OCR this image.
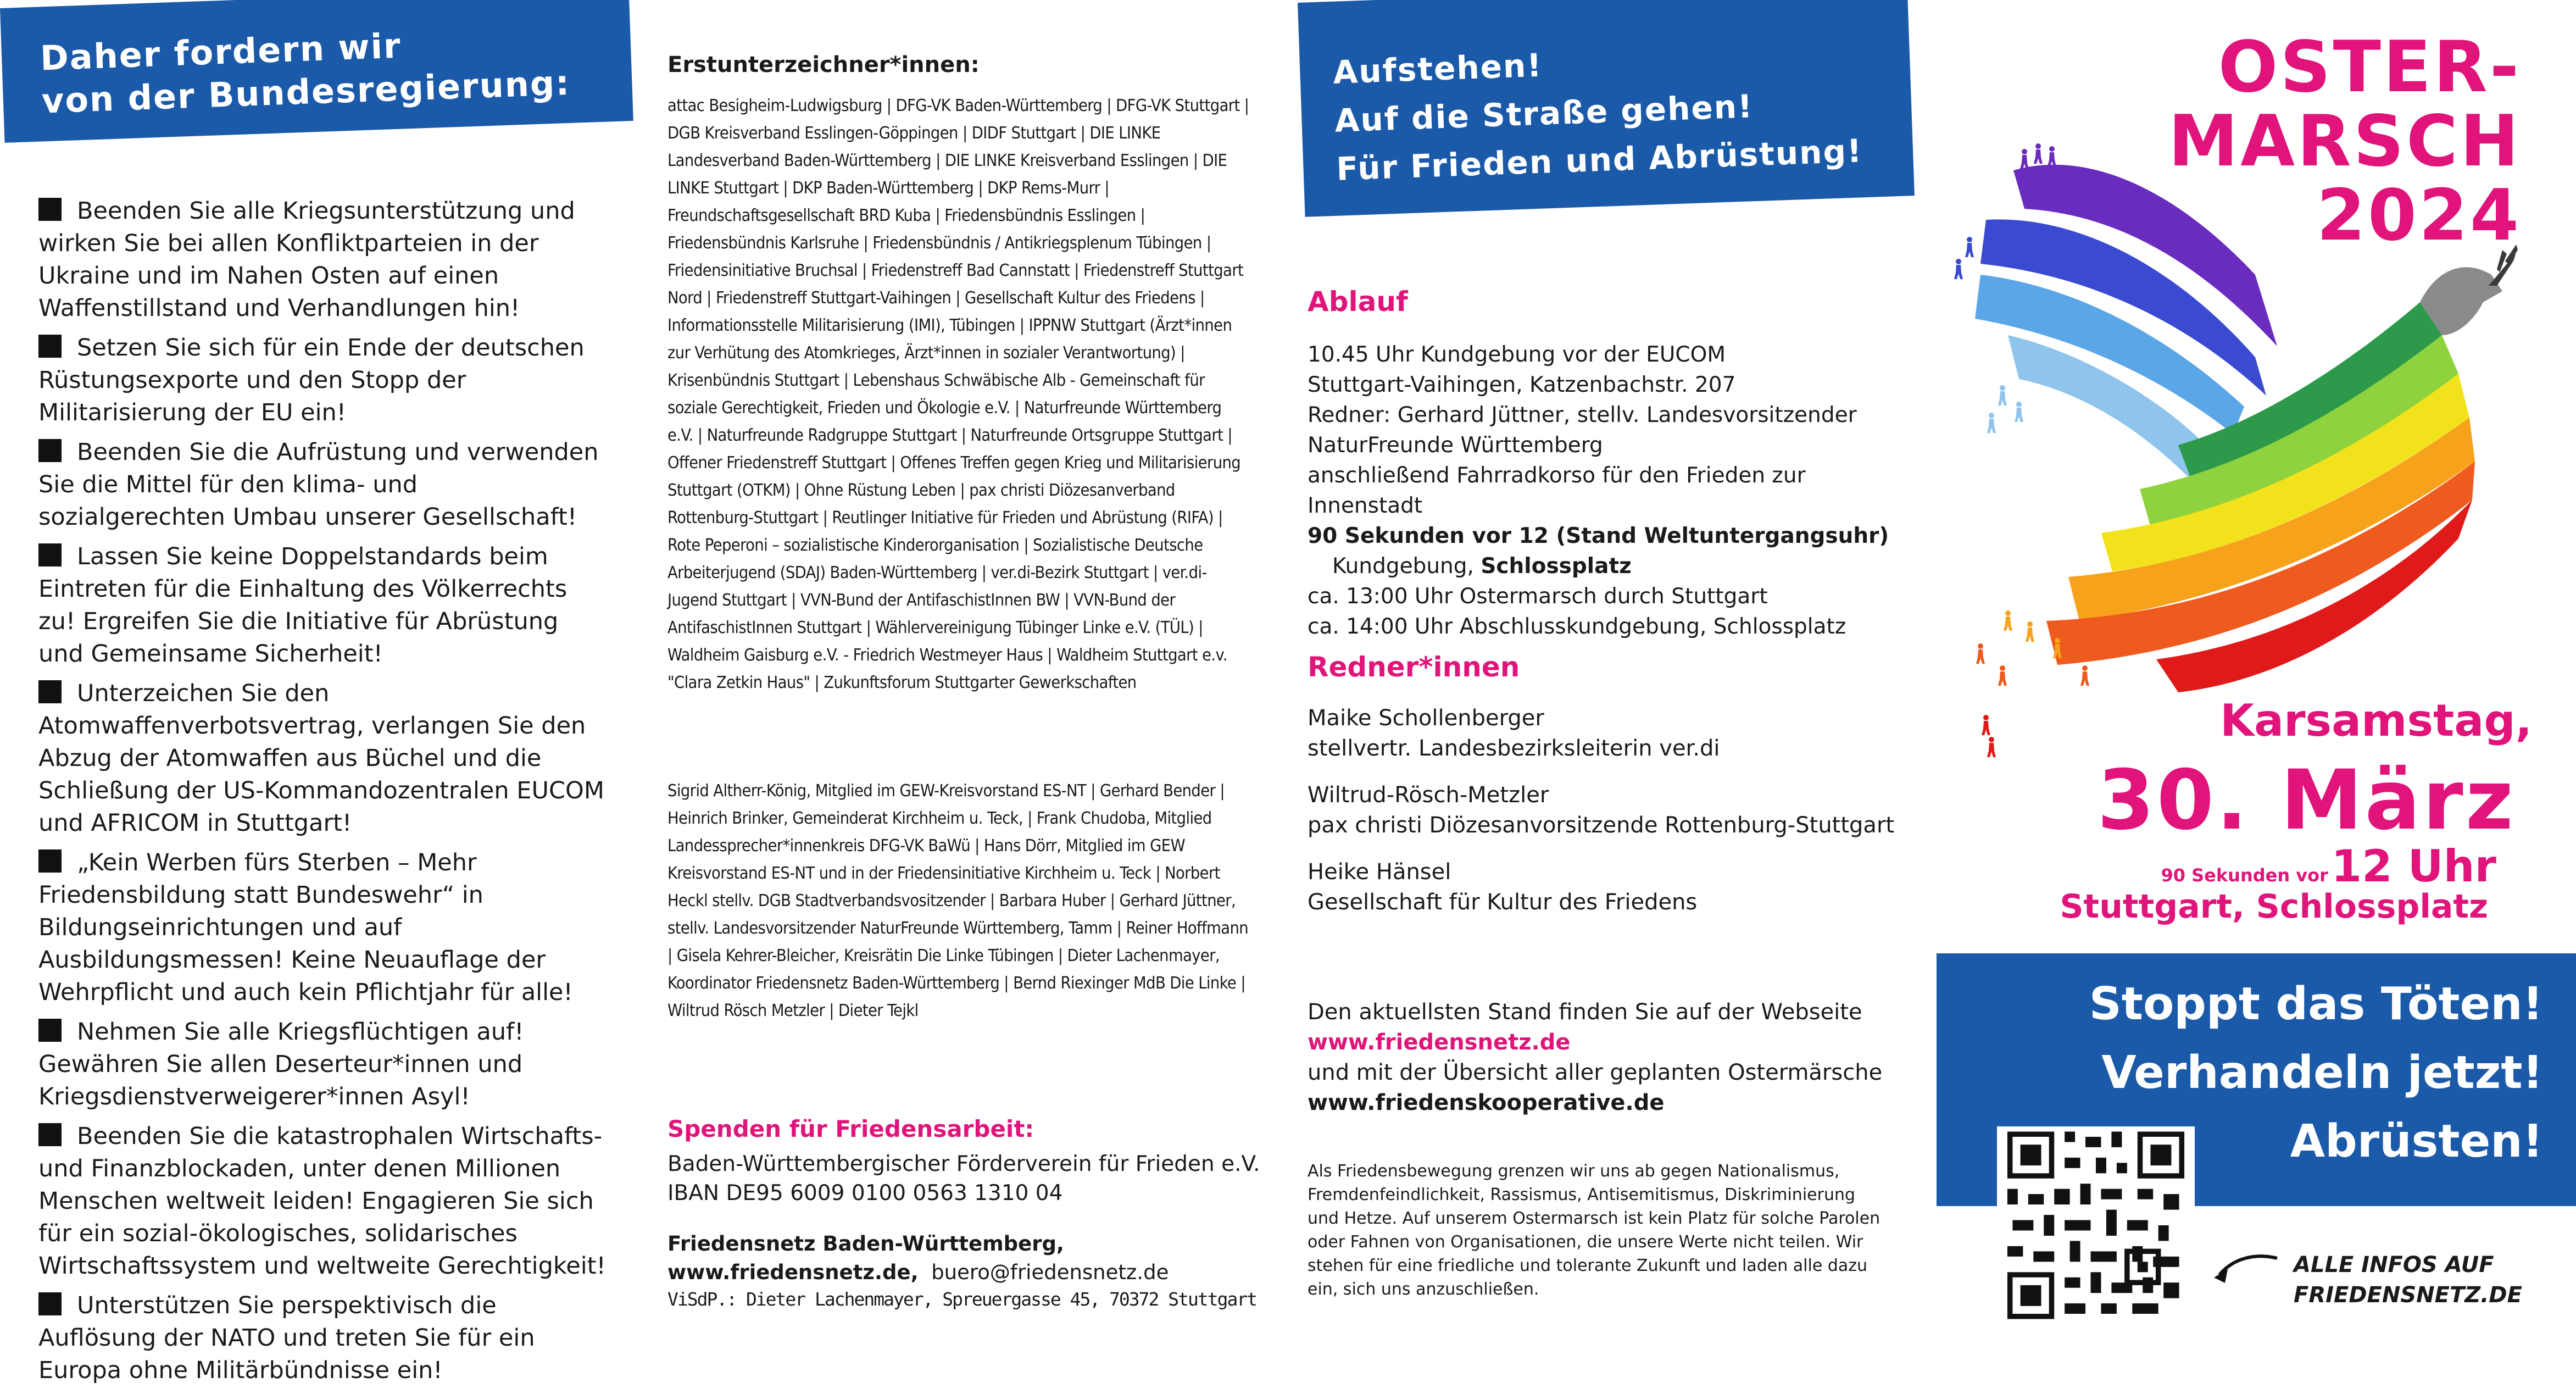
Daher fordern wir
von der Bundesregierung:
Beenden Sie alle Kriegsunterstützung und wirken Sie bei allen Konfliktparteien in der Ukraine und im Nahen Osten auf einen Waffenstillstand und Verhandlungen hin!
Setzen Sie sich für ein Ende der deutschen Rüstungsexporte und den Stopp der Militarisierung der EU ein!
Beenden Sie die Aufrüstung und verwenden Sie die Mittel für den klima- und sozialgerechten Umbau unserer Gesellschaft!
Lassen Sie keine Doppelstandards beim Eintreten für die Einhaltung des Völkerrechts zu! Ergreifen Sie die Initiative für Abrüstung und Gemeinsame Sicherheit!
Unterzeichen Sie den Atomwaffenverbotsvertrag, verlangen Sie den Abzug der Atomwaffen aus Büchel und die Schließung der US-Kommandozentralen EUCOM und AFRICOM in Stuttgart!
„Kein Werben fürs Sterben – Mehr Friedensbildung statt Bundeswehr“ in Bildungseinrichtungen und auf Ausbildungsmessen! Keine Neuauflage der Wehrpflicht und auch kein Pflichtjahr für alle!
Nehmen Sie alle Kriegsflüchtigen auf! Gewähren Sie allen Deserteur*innen und Kriegsdienstverweigerer*innen Asyl!
Beenden Sie die katastrophalen Wirtschafts- und Finanzblockaden, unter denen Millionen Menschen weltweit leiden! Engagieren Sie sich für ein sozial-ökologisches, solidarisches Wirtschaftssystem und weltweite Gerechtigkeit!
Unterstützen Sie perspektivisch die Auflösung der NATO und treten Sie für ein Europa ohne Militärbündnisse ein!
Erstunterzeichner*innen:
attac Besigheim-Ludwigsburg | DFG-VK Baden-Württemberg | DFG-VK Stuttgart | DGB Kreisverband Esslingen-Göppingen | DIDF Stuttgart | DIE LINKE Landesverband Baden-Württemberg | DIE LINKE Kreisverband Esslingen | DIE LINKE Stuttgart | DKP Baden-Württemberg | DKP Rems-Murr | Freundschaftsgesellschaft BRD Kuba | Friedensbündnis Esslingen | Friedensbündnis Karlsruhe | Friedensbündnis / Antikriegsplenum Tübingen | Friedensinitiative Bruchsal | Friedenstreff Bad Cannstatt | Friedenstreff Stuttgart Nord | Friedenstreff Stuttgart-Vaihingen | Gesellschaft Kultur des Friedens | Informationsstelle Militarisierung (IMI), Tübingen | IPPNW Stuttgart (Ärzt*innen zur Verhütung des Atomkrieges, Ärzt*innen in sozialer Verantwortung) | Krisenbündnis Stuttgart | Lebenshaus Schwäbische Alb - Gemeinschaft für soziale Gerechtigkeit, Frieden und Ökologie e.V. | Naturfreunde Württemberg e.V. | Naturfreunde Radgruppe Stuttgart | Naturfreunde Ortsgruppe Stuttgart | Offener Friedenstreff Stuttgart | Offenes Treffen gegen Krieg und Militarisierung Stuttgart (OTKM) | Ohne Rüstung Leben | pax christi Diözesanverband Rottenburg-Stuttgart | Reutlinger Initiative für Frieden und Abrüstung (RIFA) | Rote Peperoni – sozialistische Kinderorganisation | Sozialistische Deutsche Arbeiterjugend (SDAJ) Baden-Württemberg | ver.di-Bezirk Stuttgart | ver.di-Jugend Stuttgart | VVN-Bund der AntifaschistInnen BW | VVN-Bund der AntifaschistInnen Stuttgart | Wählervereinigung Tübinger Linke e.V. (TÜL) | Waldheim Gaisburg e.V. - Friedrich Westmeyer Haus | Waldheim Stuttgart e.v. "Clara Zetkin Haus" | Zukunftsforum Stuttgarter Gewerkschaften
Sigrid Altherr-König, Mitglied im GEW-Kreisvorstand ES-NT | Gerhard Bender | Heinrich Brinker, Gemeinderat Kirchheim u. Teck, | Frank Chudoba, Mitglied Landessprecher*innenkreis DFG-VK BaWü | Hans Dörr, Mitglied im GEW Kreisvorstand ES-NT und in der Friedensinitiative Kirchheim u. Teck | Norbert Heckl stellv. DGB Stadtverbandsvositzender | Barbara Huber | Gerhard Jüttner, stellv. Landesvorsitzender NaturFreunde Württemberg, Tamm | Reiner Hoffmann | Gisela Kehrer-Bleicher, Kreisrätin Die Linke Tübingen | Dieter Lachenmayer, Koordinator Friedensnetz Baden-Württemberg | Bernd Riexinger MdB Die Linke | Wiltrud Rösch Metzler | Dieter Tejkl
Spenden für Friedensarbeit:
Baden-Württembergischer Förderverein für Frieden e.V.
IBAN DE95 6009 0100 0563 1310 04
Friedensnetz Baden-Württemberg,
www.friedensnetz.de, buero@friedensnetz.de
ViSdP.: Dieter Lachenmayer, Spreuergasse 45, 70372 Stuttgart
Aufstehen!
Auf die Straße gehen!
Für Frieden und Abrüstung!
Ablauf
10.45 Uhr Kundgebung vor der EUCOM
Stuttgart-Vaihingen, Katzenbachstr. 207
Redner: Gerhard Jüttner, stellv. Landesvorsitzender
NaturFreunde Württemberg
anschließend Fahrradkorso für den Frieden zur Innenstadt
90 Sekunden vor 12 (Stand Weltuntergangsuhr)
Kundgebung, Schlossplatz
ca. 13:00 Uhr Ostermarsch durch Stuttgart
ca. 14:00 Uhr Abschlusskundgebung, Schlossplatz
Redner*innen
Maike Schollenberger
stellvertr. Landesbezirksleiterin ver.di
Wiltrud-Rösch-Metzler
pax christi Diözesanvorsitzende Rottenburg-Stuttgart
Heike Hänsel
Gesellschaft für Kultur des Friedens
Den aktuellsten Stand finden Sie auf der Webseite
www.friedensnetz.de
und mit der Übersicht aller geplanten Ostermärsche
www.friedenskooperative.de
Als Friedensbewegung grenzen wir uns ab gegen Nationalismus, Fremdenfeindlichkeit, Rassismus, Antisemitismus, Diskriminierung und Hetze. Auf unserem Ostermarsch ist kein Platz für solche Parolen oder Fahnen von Organisationen, die unsere Werte nicht teilen. Wir stehen für eine friedliche und tolerante Zukunft und laden alle dazu ein, sich uns anzuschließen.
OSTER-
MARSCH
2024
Karsamstag,
30. März
90 Sekunden vor 12 Uhr
Stuttgart, Schlossplatz
Stoppt das Töten!
Verhandeln jetzt!
Abrüsten!
ALLE INFOS AUF
FRIEDENSNETZ.DE
